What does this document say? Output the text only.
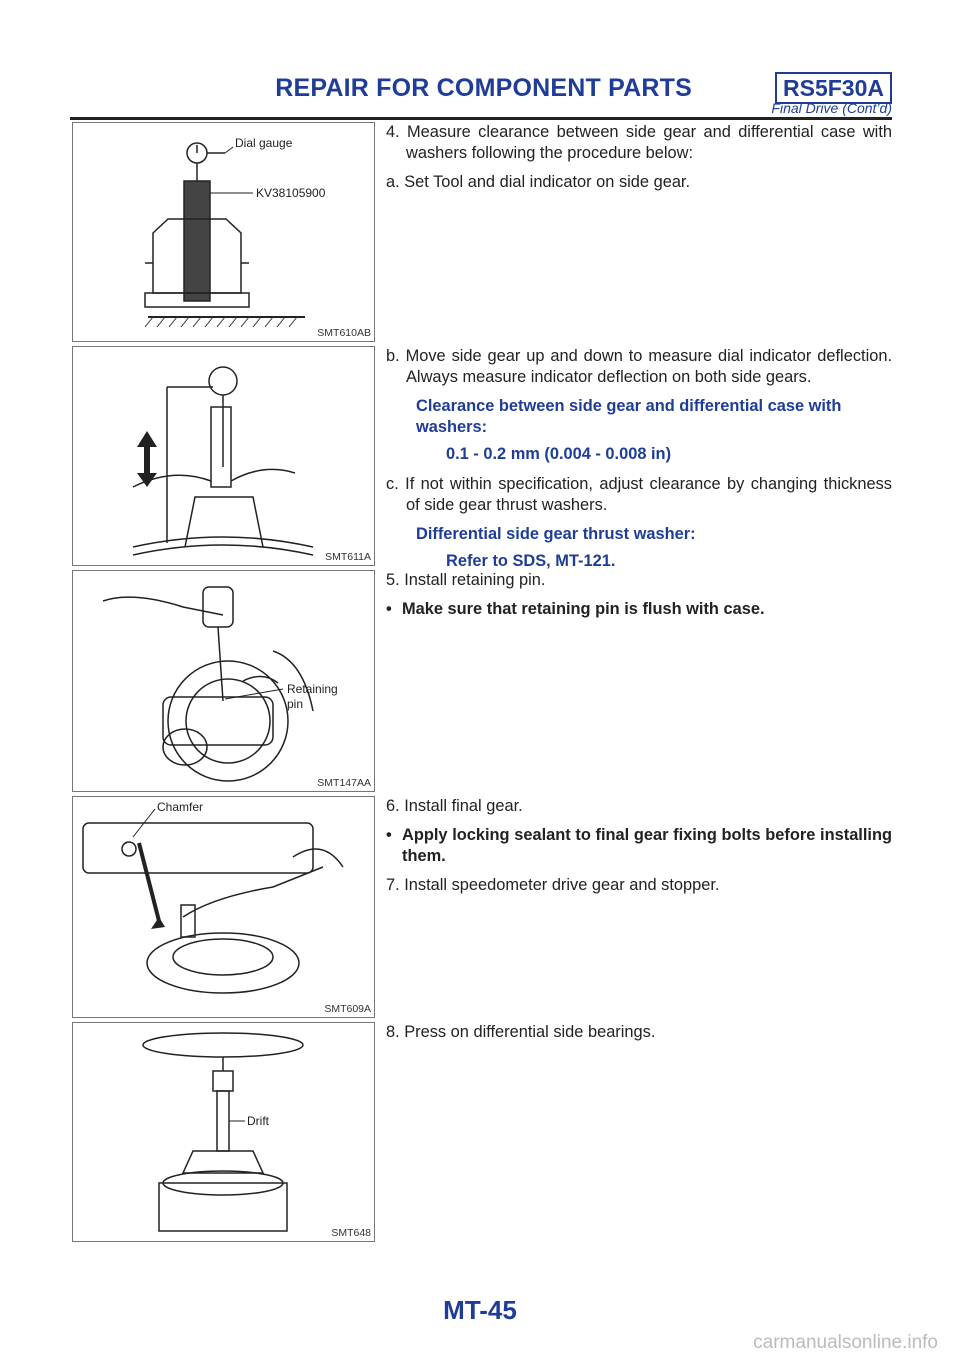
REPAIR FOR COMPONENT PARTS	RS5F30A
Final Drive (Cont’d)
Dial gauge
KV38105900
SMT610AB
4. Measure clearance between side gear and differential case with washers following the procedure below:
a. Set Tool and dial indicator on side gear.
SMT611A
b. Move side gear up and down to measure dial indicator deflection. Always measure indicator deflection on both side gears.
Clearance between side gear and differential case with washers:
0.1 - 0.2 mm (0.004 - 0.008 in)
c. If not within specification, adjust clearance by changing thickness of side gear thrust washers.
Differential side gear thrust washer:
Refer to SDS, MT-121.
Retaining
pin
SMT147AA
5. Install retaining pin.
• Make sure that retaining pin is flush with case.
Chamfer
SMT609A
6. Install final gear.
• Apply locking sealant to final gear fixing bolts before installing them.
7. Install speedometer drive gear and stopper.
Drift
SMT648
8. Press on differential side bearings.
MT-45
carmanualsonline.info
